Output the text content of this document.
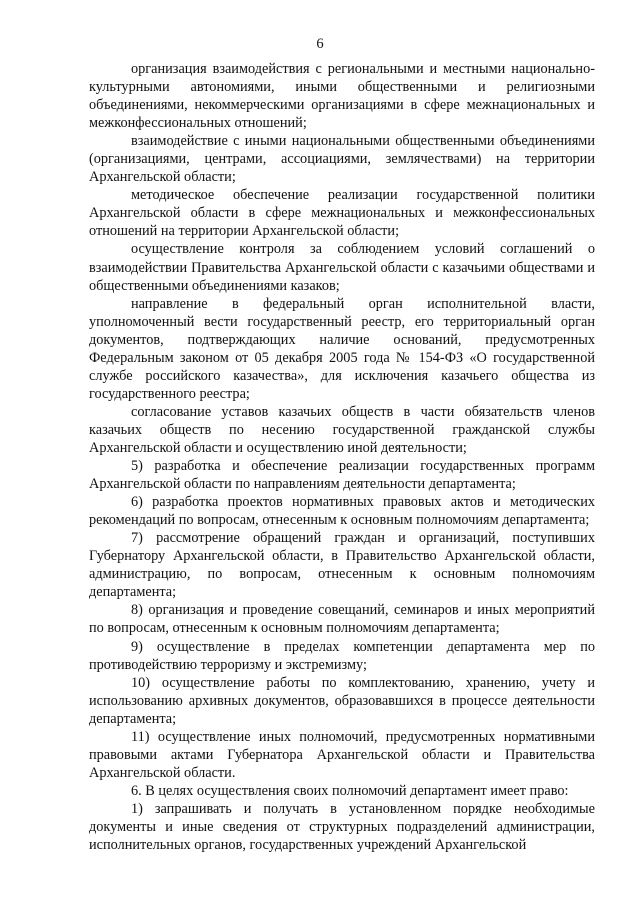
6

организация взаимодействия с региональными и местными национально-культурными автономиями, иными общественными и религиозными объединениями, некоммерческими организациями в сфере межнациональных и межконфессиональных отношений;

взаимодействие с иными национальными общественными объединениями (организациями, центрами, ассоциациями, землячествами) на территории Архангельской области;

методическое обеспечение реализации государственной политики Архангельской области в сфере межнациональных и межконфессиональных отношений на территории Архангельской области;

осуществление контроля за соблюдением условий соглашений о взаимодействии Правительства Архангельской области с казачьими обществами и общественными объединениями казаков;

направление в федеральный орган исполнительной власти, уполномоченный вести государственный реестр, его территориальный орган документов, подтверждающих наличие оснований, предусмотренных Федеральным законом от 05 декабря 2005 года № 154-ФЗ «О государственной службе российского казачества», для исключения казачьего общества из государственного реестра;

согласование уставов казачьих обществ в части обязательств членов казачьих обществ по несению государственной гражданской службы Архангельской области и осуществлению иной деятельности;

5) разработка и обеспечение реализации государственных программ Архангельской области по направлениям деятельности департамента;

6) разработка проектов нормативных правовых актов и методических рекомендаций по вопросам, отнесенным к основным полномочиям департамента;

7) рассмотрение обращений граждан и организаций, поступивших Губернатору Архангельской области, в Правительство Архангельской области, администрацию, по вопросам, отнесенным к основным полномочиям департамента;

8) организация и проведение совещаний, семинаров и иных мероприятий по вопросам, отнесенным к основным полномочиям департамента;

9) осуществление в пределах компетенции департамента мер по противодействию терроризму и экстремизму;

10) осуществление работы по комплектованию, хранению, учету и использованию архивных документов, образовавшихся в процессе деятельности департамента;

11) осуществление иных полномочий, предусмотренных нормативными правовыми актами Губернатора Архангельской области и Правительства Архангельской области.

6. В целях осуществления своих полномочий департамент имеет право:

1) запрашивать и получать в установленном порядке необходимые документы и иные сведения от структурных подразделений администрации, исполнительных органов, государственных учреждений Архангельской
